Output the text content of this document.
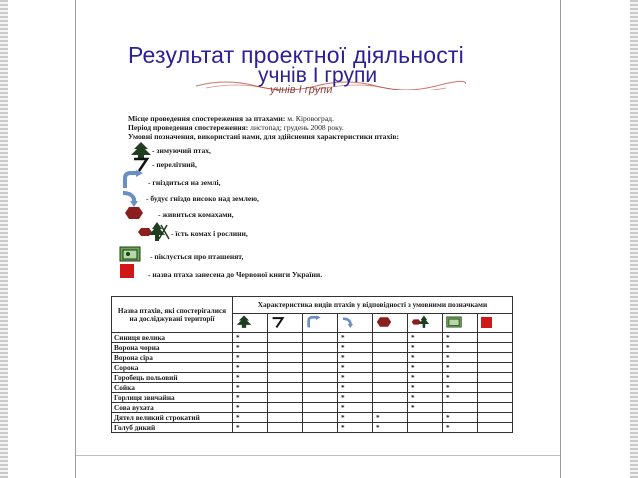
Результат проектної діяльності
учнів І групи
учнів І групи
Місце проведення спостереження за птахами: м. Кіровоград.
Період проведення спостереження: листопад; грудень 2008 року.
Умовні позначення, використані нами, для здійснення характеристики птахів:
- зимуючий птах,
- перелітний,
- гніздиться на землі,
- будує гніздо високо над землею,
- живиться комахами,
- їсть комах і рослини,
- піклується про пташенят,
- назва птаха занесена до Червоної книги України.
Назва птахів, які спостерігалися на досліджувані території	Характеристика видів птахів у відповідності з умовними позначками							

Синиця велика	*			*		*	*	
Ворона чорна	*			*		*	*	
Ворона сіра	*			*		*	*	
Сорока	*			*		*	*	
Горобець польовий	*			*		*	*	
Сойка	*			*		*	*	
Горлиця звичайна	*			*		*	*	
Сова вухата	*			*		*		
Дятел великий строкатий	*			*	*		*	
Голуб дикий	*			*	*		*	
